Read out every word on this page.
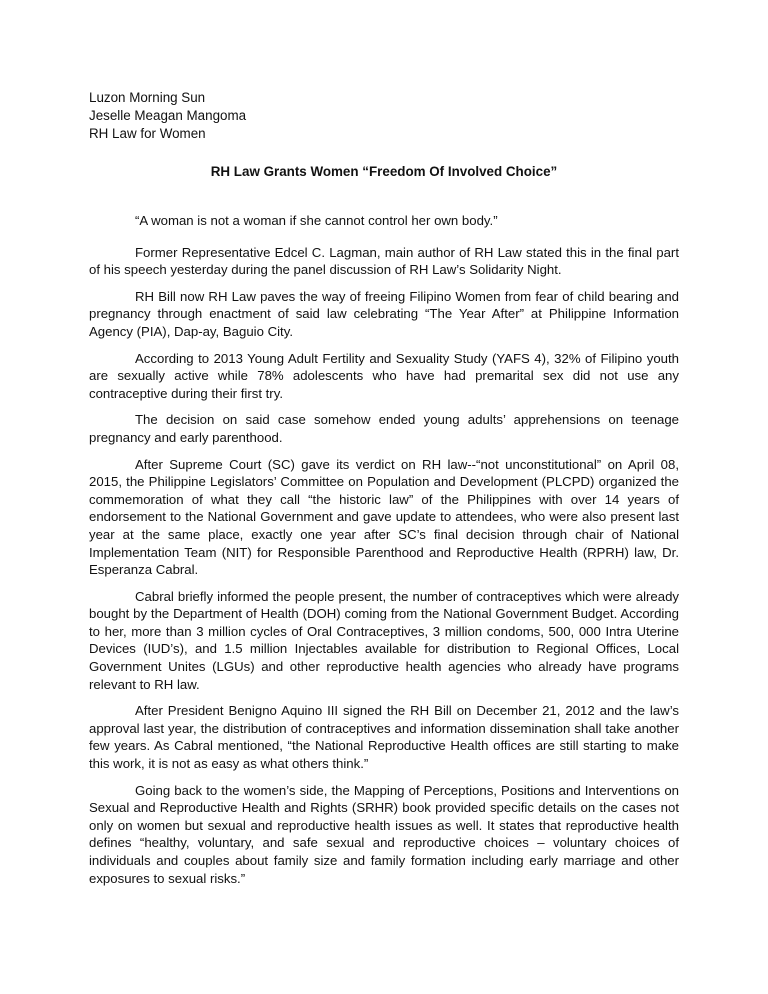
Luzon Morning Sun
Jeselle Meagan Mangoma
RH Law for Women
RH Law Grants Women “Freedom Of Involved Choice”

“A woman is not a woman if she cannot control her own body.”

Former Representative Edcel C. Lagman, main author of RH Law stated this in the final part of his speech yesterday during the panel discussion of RH Law’s Solidarity Night.

RH Bill now RH Law paves the way of freeing Filipino Women from fear of child bearing and pregnancy through enactment of said law celebrating “The Year After” at Philippine Information Agency (PIA), Dap-ay, Baguio City.

According to 2013 Young Adult Fertility and Sexuality Study (YAFS 4), 32% of Filipino youth are sexually active while 78% adolescents who have had premarital sex did not use any contraceptive during their first try.

The decision on said case somehow ended young adults’ apprehensions on teenage pregnancy and early parenthood.

After Supreme Court (SC) gave its verdict on RH law--“not unconstitutional” on April 08, 2015, the Philippine Legislators’ Committee on Population and Development (PLCPD) organized the commemoration of what they call “the historic law” of the Philippines with over 14 years of endorsement to the National Government and gave update to attendees, who were also present last year at the same place, exactly one year after SC’s final decision through chair of National Implementation Team (NIT) for Responsible Parenthood and Reproductive Health (RPRH) law, Dr. Esperanza Cabral.

Cabral briefly informed the people present, the number of contraceptives which were already bought by the Department of Health (DOH) coming from the National Government Budget. According to her, more than 3 million cycles of Oral Contraceptives, 3 million condoms, 500, 000 Intra Uterine Devices (IUD’s), and 1.5 million Injectables available for distribution to Regional Offices, Local Government Unites (LGUs) and other reproductive health agencies who already have programs relevant to RH law.

After President Benigno Aquino III signed the RH Bill on December 21, 2012 and the law’s approval last year, the distribution of contraceptives and information dissemination shall take another few years. As Cabral mentioned, “the National Reproductive Health offices are still starting to make this work, it is not as easy as what others think.”

Going back to the women’s side, the Mapping of Perceptions, Positions and Interventions on Sexual and Reproductive Health and Rights (SRHR) book provided specific details on the cases not only on women but sexual and reproductive health issues as well. It states that reproductive health defines “healthy, voluntary, and safe sexual and reproductive choices – voluntary choices of individuals and couples about family size and family formation including early marriage and other exposures to sexual risks.”
